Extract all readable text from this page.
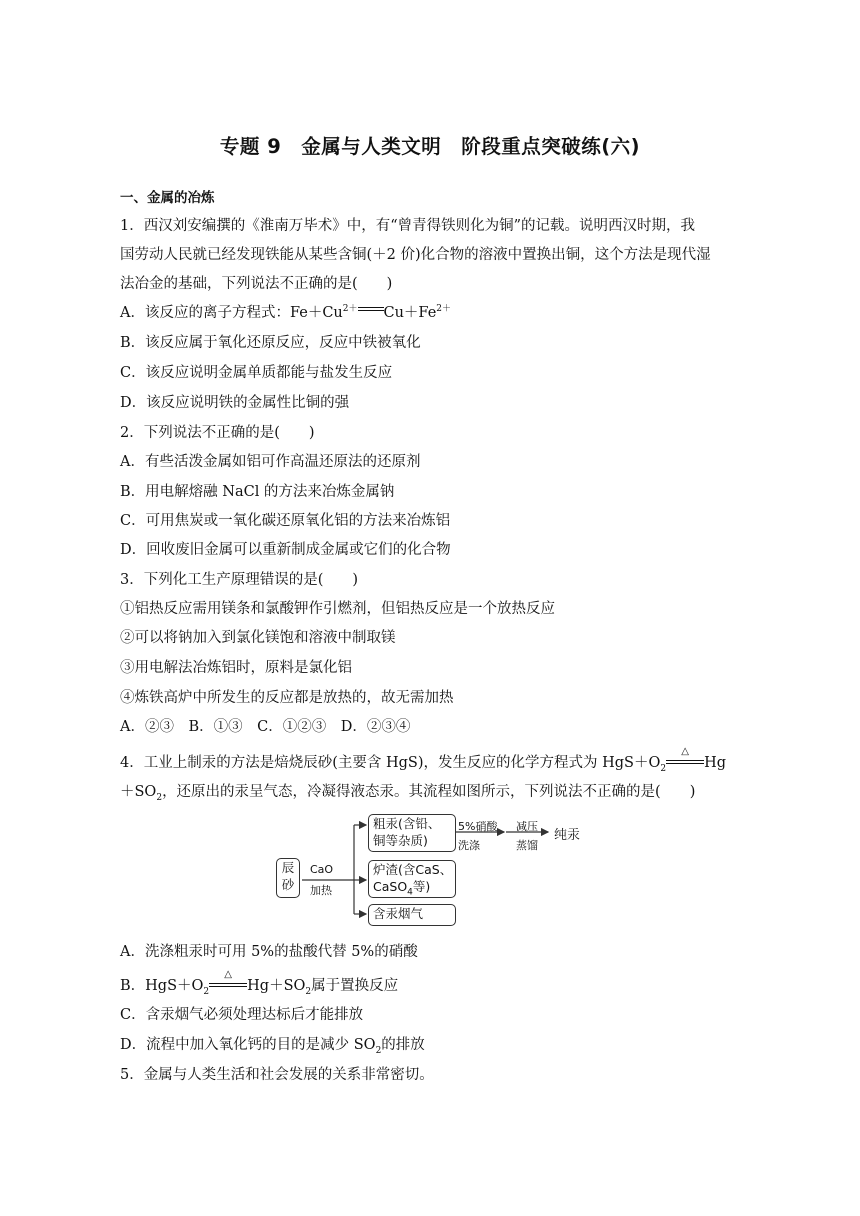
专题 9　金属与人类文明　阶段重点突破练(六)
一、金属的冶炼
1．西汉刘安编撰的《淮南万毕术》中，有“曾青得铁则化为铜”的记载。说明西汉时期，我
国劳动人民就已经发现铁能从某些含铜(＋2 价)化合物的溶液中置换出铜，这个方法是现代湿
法冶金的基础，下列说法不正确的是(　　)
A．该反应的离子方程式：$Fe+Cu^{2+}$ $Cu+Fe^{2+}$
B．该反应属于氧化还原反应，反应中铁被氧化
C．该反应说明金属单质都能与盐发生反应
D．该反应说明铁的金属性比铜的强
2．下列说法不正确的是(　　)
A．有些活泼金属如铝可作高温还原法的还原剂
B．用电解熔融 NaCl 的方法来冶炼金属钠
C．可用焦炭或一氧化碳还原氧化铝的方法来冶炼铝
D．回收废旧金属可以重新制成金属或它们的化合物
3．下列化工生产原理错误的是(　　)
①铝热反应需用镁条和氯酸钾作引燃剂，但铝热反应是一个放热反应
②可以将钠加入到氯化镁饱和溶液中制取镁
③用电解法冶炼铝时，原料是氯化铝
④炼铁高炉中所发生的反应都是放热的，故无需加热
A．②③　B．①③　C．①②③　D．②③④
4．工业上制汞的方法是焙烧辰砂(主要含 HgS)，发生反应的化学方程式为 $HgS+O_2$
△
Hg
$+SO_2$，还原出的汞呈气态，冷凝得液态汞。其流程如图所示，下列说法不正确的是(　　)
辰
砂
CaO
加热
粗汞(含铅、
铜等杂质)
5%硝酸
洗涤
减压
蒸馏
纯汞
炉渣(含CaS、
CaSO$_4$等)
含汞烟气
A．洗涤粗汞时可用 5%的盐酸代替 5%的硝酸
B．$HgS+O_2$
△
$Hg+SO_2$属于置换反应
C．含汞烟气必须处理达标后才能排放
D．流程中加入氧化钙的目的是减少 $SO_2$的排放
5．金属与人类生活和社会发展的关系非常密切。
